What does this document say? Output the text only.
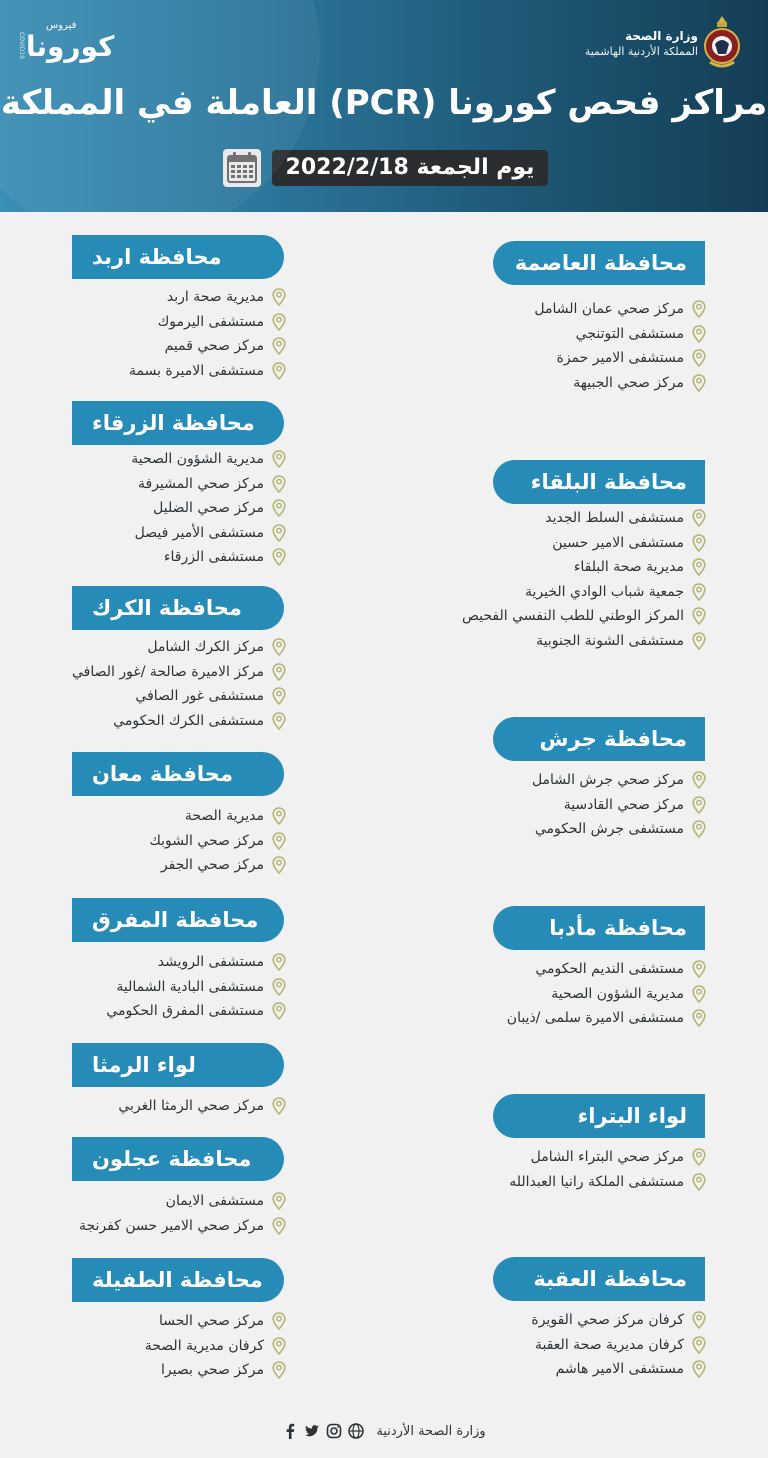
وزارة الصحة
المملكة الأردنية الهاشمية
فيروس
كورونا
COVID19
مراكز فحص كورونا (PCR) العاملة في المملكة
يوم الجمعة 2022/2/18
محافظة العاصمة
مركز صحي عمان الشامل
مستشفى التوتنجي
مستشفى الامير حمزة
مركز صحي الجبيهة
محافظة البلقاء
مستشفى السلط الجديد
مستشفى الامير حسين
مديرية صحة البلقاء
جمعية شباب الوادي الخيرية
المركز الوطني للطب النفسي الفحيص
مستشفى الشونة الجنوبية
محافظة جرش
مركز صحي جرش الشامل
مركز صحي القادسية
مستشفى جرش الحكومي
محافظة مأدبا
مستشفى النديم الحكومي
مديرية الشؤون الصحية
مستشفى الاميرة سلمى /ذيبان
لواء البتراء
مركز صحي البتراء الشامل
مستشفى الملكة رانيا العبدالله
محافظة العقبة
كرفان مركز صحي القويرة
كرفان مديرية صحة العقبة
مستشفى الامير هاشم
محافظة اربد
مديرية صحة اربد
مستشفى اليرموك
مركز صحي قميم
مستشفى الاميرة بسمة
محافظة الزرقاء
مديرية الشؤون الصحية
مركز صحي المشيرفة
مركز صحي الضليل
مستشفى الأمير فيصل
مستشفى الزرقاء
محافظة الكرك
مركز الكرك الشامل
مركز الاميرة صالحة /غور الصافي
مستشفى غور الصافي
مستشفى الكرك الحكومي
محافظة معان
مديرية الصحة
مركز صحي الشوبك
مركز صحي الجفر
محافظة المفرق
مستشفى الرويشد
مستشفى البادية الشمالية
مستشفى المفرق الحكومي
لواء الرمثا
مركز صحي الرمثا الغربي
محافظة عجلون
مستشفى الايمان
مركز صحي الامير حسن كفرنجة
محافظة الطفيلة
مركز صحي الحسا
كرفان مديرية الصحة
مركز صحي بصيرا
وزارة الصحة الأردنية
